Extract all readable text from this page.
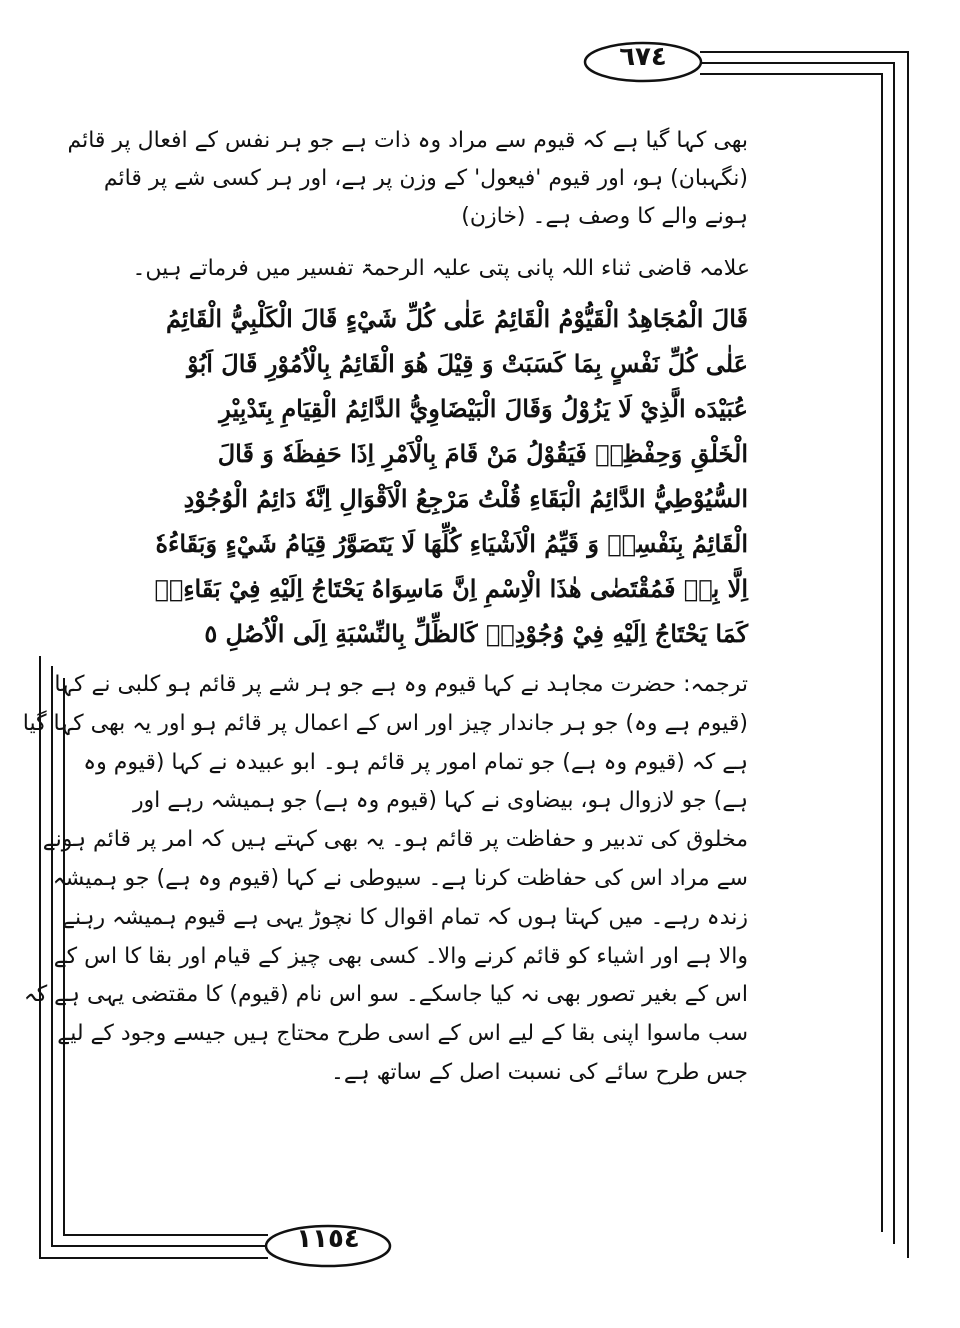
٦٧٤
١١٥٤
بھی کہا گیا ہے کہ قیوم سے مراد وہ ذات ہے جو ہر نفس کے افعال پر قائم
(نگہبان) ہو، اور قیوم 'فیعول' کے وزن پر ہے، اور ہر کسی شے پر قائم
ہونے والے کا وصف ہے۔ (خازن)
علامہ قاضی ثناء اللہ پانی پتی علیہ الرحمۃ تفسیر میں فرماتے ہیں۔
قَالَ الْمُجَاهِدُ الْقَيُّوْمُ الْقَائِمُ عَلٰى كُلِّ شَيْءٍ قَالَ الْكَلْبِيُّ الْقَائِمُ
عَلٰى كُلِّ نَفْسٍ بِمَا كَسَبَتْ وَ قِيْلَ هُوَ الْقَائِمُ بِالْاُمُوْرِ قَالَ اَبُوْ
عُبَيْدَه الَّذِيْ لَا يَزُوْلُ وَقَالَ الْبَيْضَاوِيُّ الدَّائِمُ الْقِيَامِ بِتَدْبِيْرِ
الْخَلْقِ وَحِفْظِهٖ فَيَقُوْلُ مَنْ قَامَ بِالْاَمْرِ اِذَا حَفِظَهٗ وَ قَالَ
السُّيُوْطِيُّ الدَّائِمُ الْبَقَاءِ قُلْتُ مَرْجِعُ الْاَقْوَالِ اِنَّهٗ دَائِمُ الْوُجُوْدِ
الْقَائِمُ بِنَفْسِهٖ وَ قَيِّمُ الْاَشْيَاءِ كُلِّهَا لَا يَتَصَوَّرُ قِيَامُ شَيْءٍ وَبَقَاءُهٗ
اِلَّا بِهٖ فَمُقْتَضٰى هٰذَا الْاِسْمِ اِنَّ مَاسِوَاهُ يَحْتَاجُ اِلَيْهِ فِيْ بَقَاءِهٖ
كَمَا يَحْتَاجُ اِلَيْهِ فِيْ وُجُوْدِهٖ كَالظِّلِّ بِالنِّسْبَةِ اِلَى الْاُصُلِ ٥
ترجمہ: حضرت مجاہد نے کہا قیوم وہ ہے جو ہر شے پر قائم ہو کلبی نے کہا
(قیوم ہے وہ) جو ہر جاندار چیز اور اس کے اعمال پر قائم ہو اور یہ بھی کہا گیا
ہے کہ (قیوم وہ ہے) جو تمام امور پر قائم ہو۔ ابو عبیدہ نے کہا (قیوم وہ
ہے) جو لازوال ہو، بیضاوی نے کہا (قیوم وہ ہے) جو ہمیشہ رہے اور
مخلوق کی تدبیر و حفاظت پر قائم ہو۔ یہ بھی کہتے ہیں کہ امر پر قائم ہونے
سے مراد اس کی حفاظت کرنا ہے۔ سیوطی نے کہا (قیوم وہ ہے) جو ہمیشہ
زندہ رہے۔ میں کہتا ہوں کہ تمام اقوال کا نچوڑ یہی ہے قیوم ہمیشہ رہنے
والا ہے اور اشیاء کو قائم کرنے والا۔ کسی بھی چیز کے قیام اور بقا کا اس کے
اس کے بغیر تصور بھی نہ کیا جاسکے۔ سو اس نام (قیوم) کا مقتضی یہی ہے کہ
سب ماسوا اپنی بقا کے لیے اس کے اسی طرح محتاج ہیں جیسے وجود کے لیے
جس طرح سائے کی نسبت اصل کے ساتھ ہے۔
